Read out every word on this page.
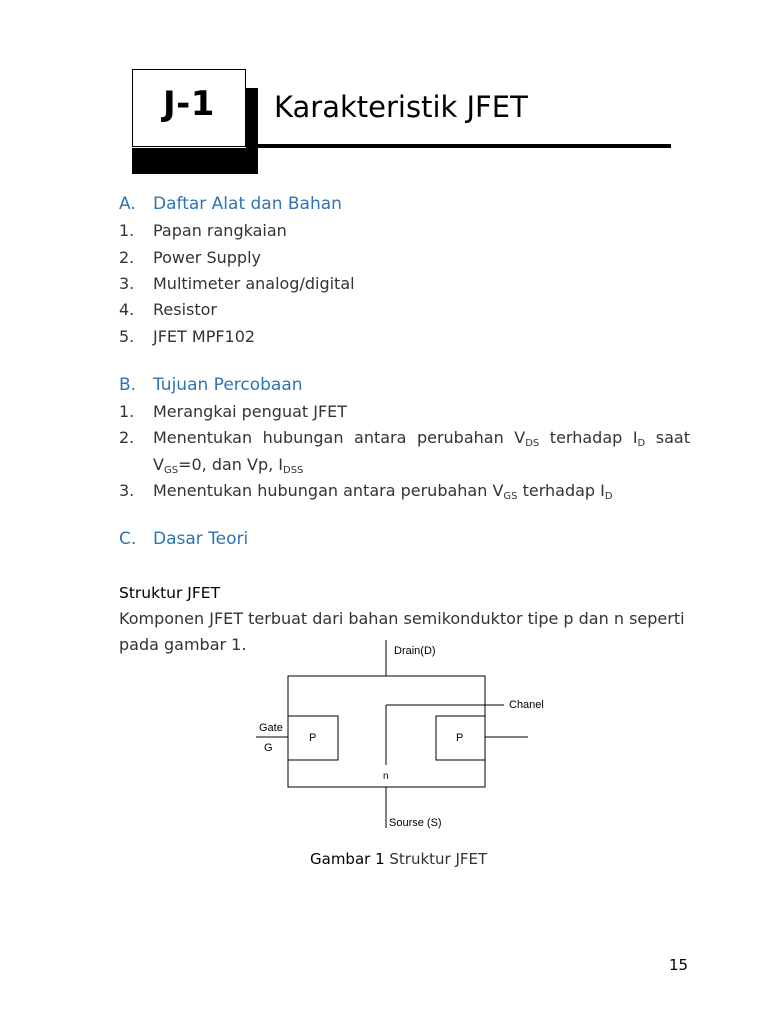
J-1 Karakteristik JFET
A. Daftar Alat dan Bahan
1. Papan rangkaian
2. Power Supply
3. Multimeter analog/digital
4. Resistor
5. JFET MPF102
B. Tujuan Percobaan
1. Merangkai penguat JFET
2. Menentukan hubungan antara perubahan $V_{DS}$ terhadap $I_D$ saat
$V_{GS}=0$, dan Vp, $I_{DSS}$
3. Menentukan hubungan antara perubahan $V_{GS}$ terhadap $I_D$
C. Dasar Teori
Struktur JFET
Komponen JFET terbuat dari bahan semikonduktor tipe p dan n seperti
pada gambar 1.	Drain(D)
Chanel
Gate
G
P	P
n
Sourse (S)
Gambar 1 Struktur JFET
15
